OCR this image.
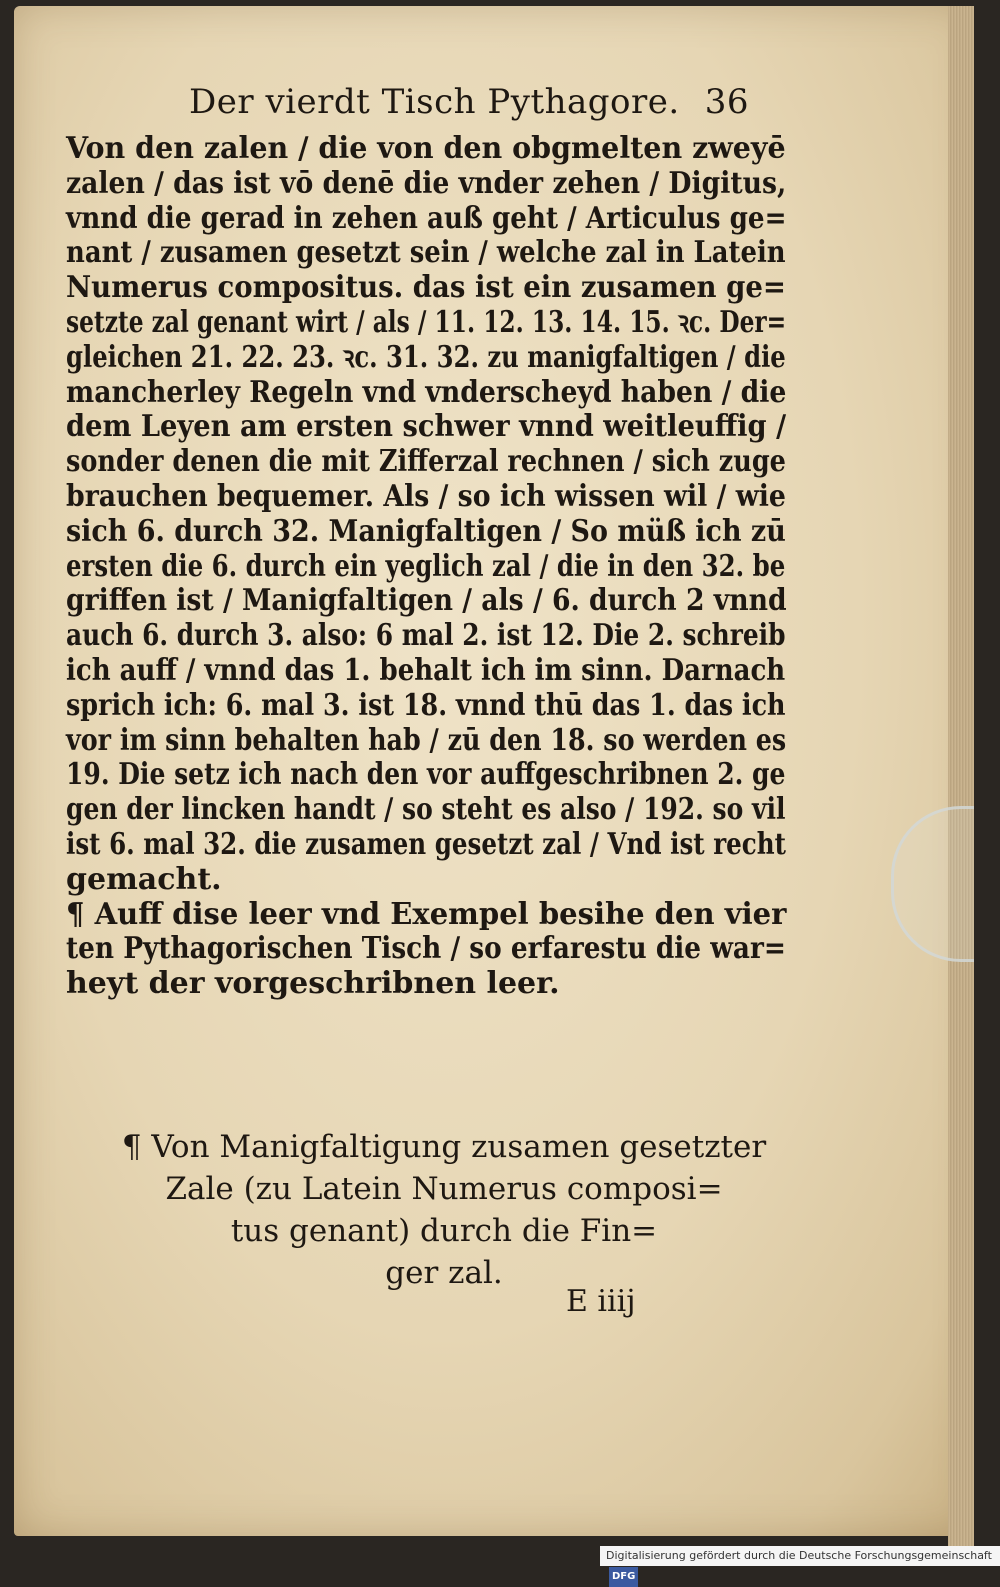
Der vierdt Tisch Pythagore. 36
Von den zalen / die von den obgmelten zweyē
zalen / das ist vō denē die vnder zehen / Digitus,
vnnd die gerad in zehen auß geht / Articulus ge=
nant / zusamen gesetzt sein / welche zal in Latein
Numerus compositus. das ist ein zusamen ge=
setzte zal genant wirt / als / 11. 12. 13. 14. 15. ꝛc. Der=
gleichen 21. 22. 23. ꝛc. 31. 32. zu manigfaltigen / die
mancherley Regeln vnd vnderscheyd haben / die
dem Leyen am ersten schwer vnnd weitleuffig /
sonder denen die mit Zifferzal rechnen / sich zuge
brauchen bequemer. Als / so ich wissen wil / wie
sich 6. durch 32. Manigfaltigen / So müß ich zū
ersten die 6. durch ein yeglich zal / die in den 32. be
griffen ist / Manigfaltigen / als / 6. durch 2 vnnd
auch 6. durch 3. also: 6 mal 2. ist 12. Die 2. schreib
ich auff / vnnd das 1. behalt ich im sinn. Darnach
sprich ich: 6. mal 3. ist 18. vnnd thū das 1. das ich
vor im sinn behalten hab / zū den 18. so werden es
19. Die setz ich nach den vor auffgeschribnen 2. ge
gen der lincken handt / so steht es also / 192. so vil
ist 6. mal 32. die zusamen gesetzt zal / Vnd ist recht
gemacht.
¶ Auff dise leer vnd Exempel besihe den vier
ten Pythagorischen Tisch / so erfarestu die war=
heyt der vorgeschribnen leer.
¶ Von Manigfaltigung zusamen gesetzter
Zale (zu Latein Numerus composi=
tus genant) durch die Fin=
ger zal.
E iiij
Digitalisierung gefördert durch die Deutsche Forschungsgemeinschaft DFG
